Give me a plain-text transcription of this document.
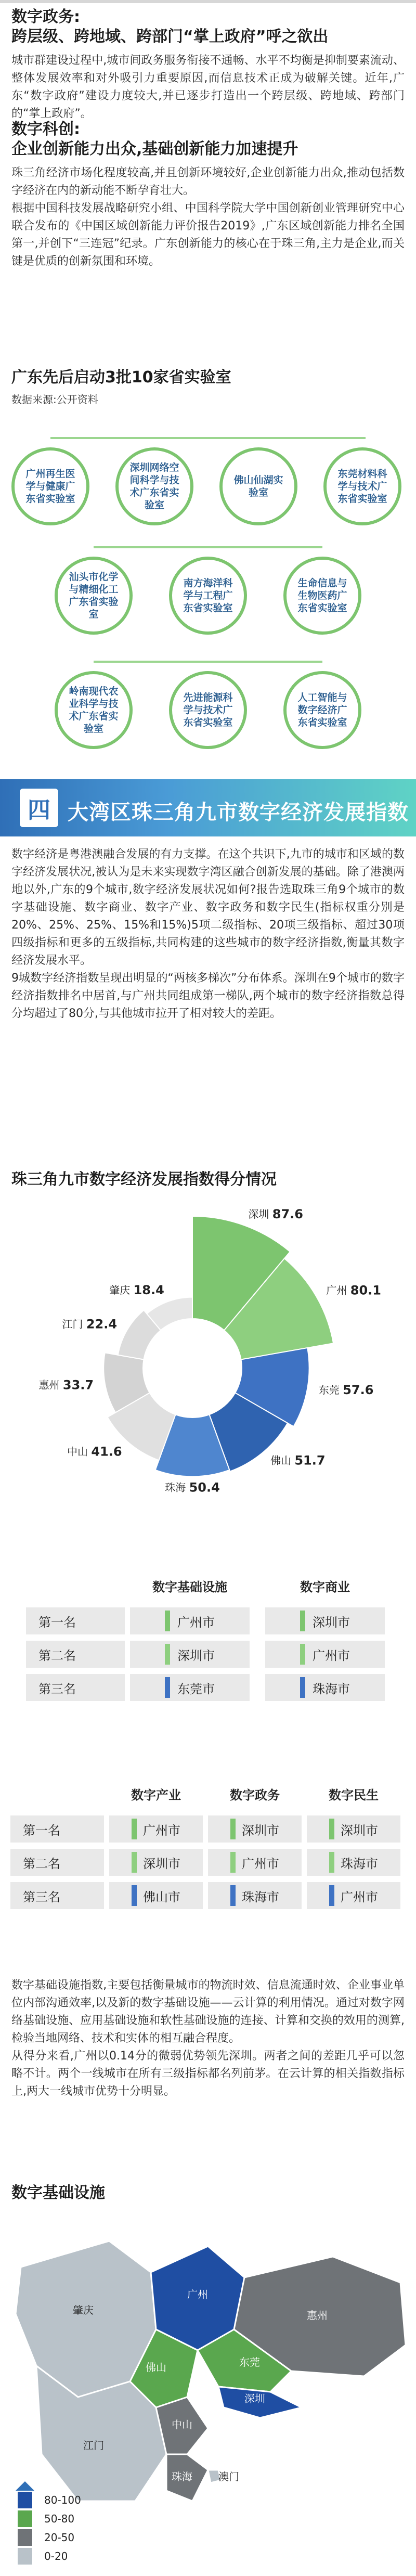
数字政务:
跨层级、跨地域、跨部门“掌上政府”呼之欲出
城市群建设过程中,城市间政务服务衔接不通畅、水平不均衡是抑制要素流动、整体发展效率和对外吸引力重要原因,而信息技术正成为破解关键。近年,广东“数字政府”建设力度较大,并已逐步打造出一个跨层级、跨地域、跨部门的“掌上政府”。
数字科创:
企业创新能力出众,基础创新能力加速提升
珠三角经济市场化程度较高,并且创新环境较好,企业创新能力出众,推动包括数字经济在内的新动能不断孕育壮大。
根据中国科技发展战略研究小组、中国科学院大学中国创新创业管理研究中心联合发布的《中国区域创新能力评价报告2019》,广东区域创新能力排名全国第一,并创下“三连冠”纪录。广东创新能力的核心在于珠三角,主力是企业,而关键是优质的创新氛围和环境。
广东先后启动3批10家省实验室
数据来源:公开资料
广州再生医学与健康广东省实验室
深圳网络空间科学与技术广东省实验室
佛山仙湖实验室
东莞材料科学与技术广东省实验室
汕头市化学与精细化工广东省实验室
南方海洋科学与工程广东省实验室
生命信息与生物医药广东省实验室
岭南现代农业科学与技术广东省实验室
先进能源科学与技术广东省实验室
人工智能与数字经济广东省实验室
四 大湾区珠三角九市数字经济发展指数
数字经济是粤港澳融合发展的有力支撑。在这个共识下,九市的城市和区域的数字经济发展状况,被认为是未来实现数字湾区融合创新发展的基础。除了港澳两地以外,广东的9个城市,数字经济发展状况如何?报告选取珠三角9个城市的数字基础设施、数字商业、数字产业、数字政务和数字民生(指标权重分别是20%、25%、25%、15%和15%)5项二级指标、20项三级指标、超过30项四级指标和更多的五级指标,共同构建的这些城市的数字经济指数,衡量其数字经济发展水平。
9城数字经济指数呈现出明显的“两核多梯次”分布体系。深圳在9个城市的数字经济指数排名中居首,与广州共同组成第一梯队,两个城市的数字经济指数总得分均超过了80分,与其他城市拉开了相对较大的差距。
珠三角九市数字经济发展指数得分情况
深圳 87.6
广州 80.1
东莞 57.6
佛山 51.7
珠海 50.4
中山 41.6
惠州 33.7
江门 22.4
肇庆 18.4
数字基础设施	数字商业
第一名	广州市	深圳市
第二名	深圳市	广州市
第三名	东莞市	珠海市
数字产业	数字政务	数字民生
第一名	广州市	深圳市	深圳市
第二名	深圳市	广州市	珠海市
第三名	佛山市	珠海市	广州市
数字基础设施指数,主要包括衡量城市的物流时效、信息流通时效、企业事业单位内部沟通效率,以及新的数字基础设施——云计算的利用情况。通过对数字网络基础设施、应用基础设施和软性基础设施的连接、计算和交换的效用的测算,检验当地网络、技术和实体的相互融合程度。
从得分来看,广州以0.14分的微弱优势领先深圳。两者之间的差距几乎可以忽略不计。两个一线城市在所有三级指标都名列前茅。在云计算的相关指数指标上,两大一线城市优势十分明显。
数字基础设施
肇庆
广州
惠州
佛山	东莞
江门
中山
深圳
珠海	澳门
80-100
50-80
20-50
0-20
